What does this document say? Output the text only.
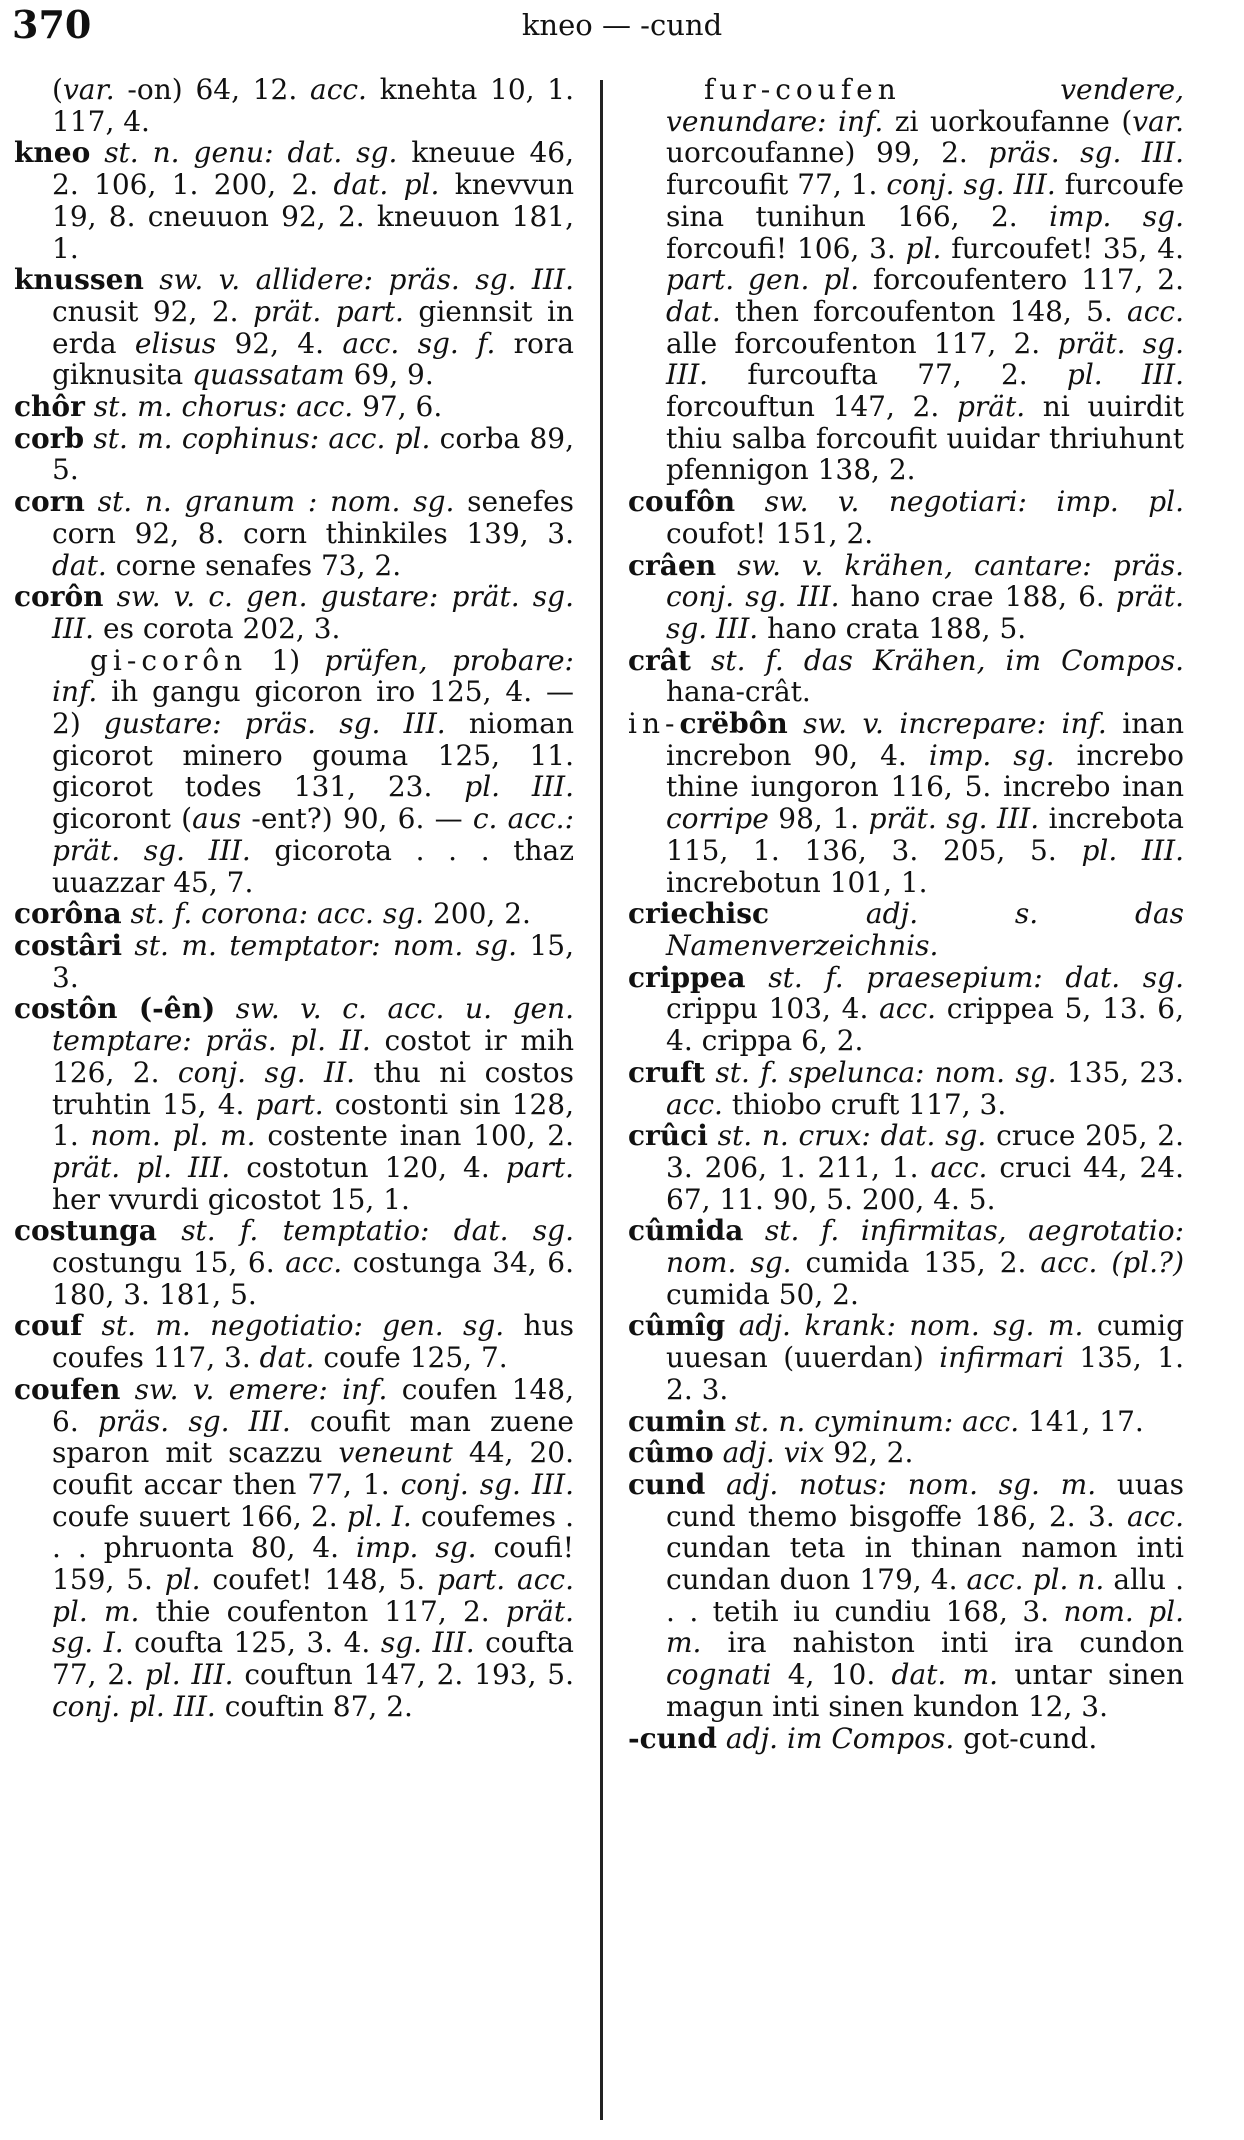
370	kneo — -cund

(var. -on) 64, 12. acc. knehta 10, 1. 117, 4.

kneo st. n. genu: dat. sg. kneuue 46, 2. 106, 1. 200, 2. dat. pl. knevvun 19, 8. cneuuon 92, 2. kneuuon 181, 1.

knussen sw. v. allidere: präs. sg. III. cnusit 92, 2. prät. part. giennsit in erda elisus 92, 4. acc. sg. f. rora giknusita quassatam 69, 9.

chôr st. m. chorus: acc. 97, 6.

corb st. m. cophinus: acc. pl. corba 89, 5.

corn st. n. granum : nom. sg. senefes corn 92, 8. corn thinkiles 139, 3. dat. corne senafes 73, 2.

corôn sw. v. c. gen. gustare: prät. sg. III. es corota 202, 3.

gi-corôn 1) prüfen, probare: inf. ih gangu gicoron iro 125, 4. — 2) gustare: präs. sg. III. nioman gicorot minero gouma 125, 11. gicorot todes 131, 23. pl. III. gicoront (aus -ent?) 90, 6. — c. acc.: prät. sg. III. gicorota . . . thaz uuazzar 45, 7.

corôna st. f. corona: acc. sg. 200, 2.

costâri st. m. temptator: nom. sg. 15, 3.

costôn (-ên) sw. v. c. acc. u. gen. temptare: präs. pl. II. costot ir mih 126, 2. conj. sg. II. thu ni costos truhtin 15, 4. part. costonti sin 128, 1. nom. pl. m. costente inan 100, 2. prät. pl. III. costotun 120, 4. part. her vvurdi gicostot 15, 1.

costunga st. f. temptatio: dat. sg. costungu 15, 6. acc. costunga 34, 6. 180, 3. 181, 5.

couf st. m. negotiatio: gen. sg. hus coufes 117, 3. dat. coufe 125, 7.

coufen sw. v. emere: inf. coufen 148, 6. präs. sg. III. coufit man zuene sparon mit scazzu veneunt 44, 20. coufit accar then 77, 1. conj. sg. III. coufe suuert 166, 2. pl. I. coufemes . . . phruonta 80, 4. imp. sg. coufi! 159, 5. pl. coufet! 148, 5. part. acc. pl. m. thie coufenton 117, 2. prät. sg. I. coufta 125, 3. 4. sg. III. coufta 77, 2. pl. III. couftun 147, 2. 193, 5. conj. pl. III. couftin 87, 2.

fur-coufen vendere, venundare: inf. zi uorkoufanne (var. uorcoufanne) 99, 2. präs. sg. III. furcoufit 77, 1. conj. sg. III. furcoufe sina tunihun 166, 2. imp. sg. forcoufi! 106, 3. pl. furcoufet! 35, 4. part. gen. pl. forcoufentero 117, 2. dat. then forcoufenton 148, 5. acc. alle forcoufenton 117, 2. prät. sg. III. furcoufta 77, 2. pl. III. forcouftun 147, 2. prät. ni uuirdit thiu salba forcoufit uuidar thriuhunt pfennigon 138, 2.

coufôn sw. v. negotiari: imp. pl. coufot! 151, 2.

crâen sw. v. krähen, cantare: präs. conj. sg. III. hano crae 188, 6. prät. sg. III. hano crata 188, 5.

crât st. f. das Krähen, im Compos. hana-crât.

in-crëbôn sw. v. increpare: inf. inan increbon 90, 4. imp. sg. increbo thine iungoron 116, 5. increbo inan corripe 98, 1. prät. sg. III. increbota 115, 1. 136, 3. 205, 5. pl. III. increbotun 101, 1.

criechisc adj. s. das Namenverzeichnis.

crippea st. f. praesepium: dat. sg. crippu 103, 4. acc. crippea 5, 13. 6, 4. crippa 6, 2.

cruft st. f. spelunca: nom. sg. 135, 23. acc. thiobo cruft 117, 3.

crûci st. n. crux: dat. sg. cruce 205, 2. 3. 206, 1. 211, 1. acc. cruci 44, 24. 67, 11. 90, 5. 200, 4. 5.

cûmida st. f. infirmitas, aegrotatio: nom. sg. cumida 135, 2. acc. (pl.?) cumida 50, 2.

cûmîg adj. krank: nom. sg. m. cumig uuesan (uuerdan) infirmari 135, 1. 2. 3.

cumin st. n. cyminum: acc. 141, 17.

cûmo adj. vix 92, 2.

cund adj. notus: nom. sg. m. uuas cund themo bisgoffe 186, 2. 3. acc. cundan teta in thinan namon inti cundan duon 179, 4. acc. pl. n. allu . . . tetih iu cundiu 168, 3. nom. pl. m. ira nahiston inti ira cundon cognati 4, 10. dat. m. untar sinen magun inti sinen kundon 12, 3.

-cund adj. im Compos. got-cund.
